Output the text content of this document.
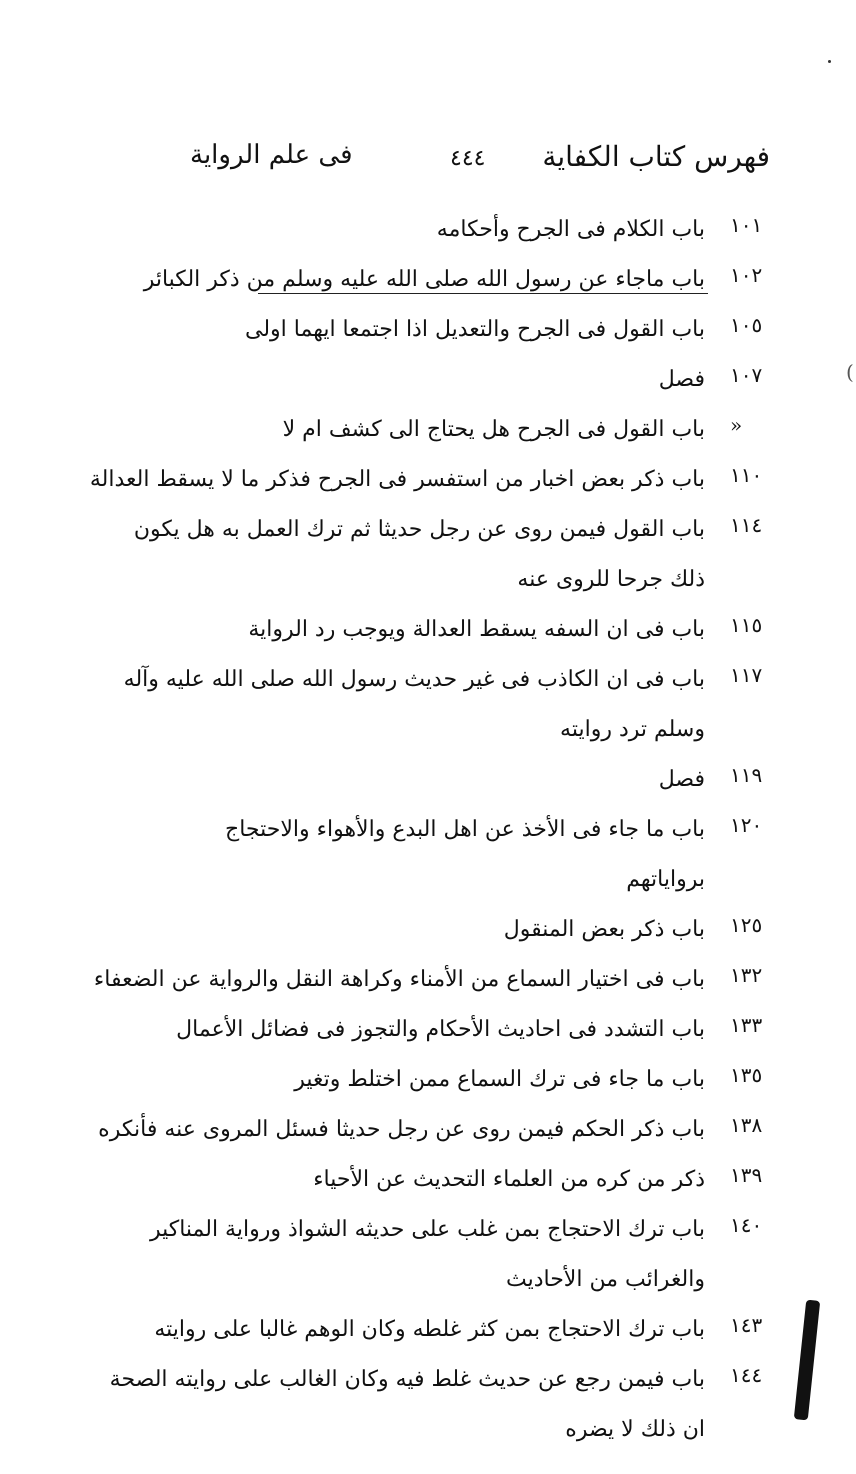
(
فهرس كتاب الكفاية
٤٤٤
فى علم الرواية
١٠١
باب الكلام فى الجرح وأحكامه
١٠٢
باب ماجاء عن رسول الله صلى الله عليه وسلم من ذكر الكبائر
١٠٥
باب القول فى الجرح والتعديل اذا اجتمعا ايهما اولى
١٠٧
فصل
»
باب القول فى الجرح هل يحتاج الى كشف ام لا
١١٠
باب ذكر بعض اخبار من استفسر فى الجرح فذكر ما لا يسقط العدالة
١١٤
باب القول فيمن روى عن رجل حديثا ثم ترك العمل به هل يكون
ذلك جرحا للروى عنه
١١٥
باب فى ان السفه يسقط العدالة ويوجب رد الرواية
١١٧
باب فى ان الكاذب فى غير حديث رسول الله صلى الله عليه وآله
وسلم ترد روايته
١١٩
فصل
١٢٠
باب ما جاء فى الأخذ عن اهل البدع والأهواء والاحتجاج
برواياتهم
١٢٥
باب ذكر بعض المنقول
١٣٢
باب فى اختيار السماع من الأمناء وكراهة النقل والرواية عن الضعفاء
١٣٣
باب التشدد فى احاديث الأحكام والتجوز فى فضائل الأعمال
١٣٥
باب ما جاء فى ترك السماع ممن اختلط وتغير
١٣٨
باب ذكر الحكم فيمن روى عن رجل حديثا فسئل المروى عنه فأنكره
١٣٩
ذكر من كره من العلماء التحديث عن الأحياء
١٤٠
باب ترك الاحتجاج بمن غلب على حديثه الشواذ ورواية المناكير
والغرائب من الأحاديث
١٤٣
باب ترك الاحتجاج بمن كثر غلطه وكان الوهم غالبا على روايته
١٤٤
باب فيمن رجع عن حديث غلط فيه وكان الغالب على روايته الصحة
ان ذلك لا يضره
